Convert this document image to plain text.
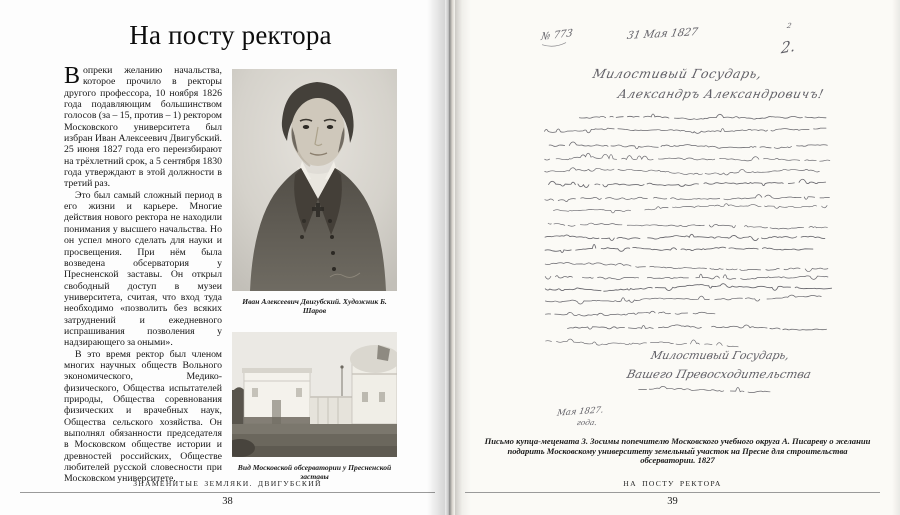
На посту ректора

Вопреки желанию начальства, которое прочило в ректоры другого профессора, 10 ноября 1826 года подавляющим большинством голосов (за – 15, против – 1) ректором Московского университета был избран Иван Алексеевич Двигубский. 25 июня 1827 года его переизбирают на трёхлетний срок, а 5 сентября 1830 года утверждают в этой должности в третий раз.

Это был самый сложный период в его жизни и карьере. Многие действия нового ректора не находили понимания у высшего начальства. Но он успел много сделать для науки и просвещения. При нём была возведена обсерватория у Пресненской заставы. Он открыл свободный доступ в музеи университета, считая, что вход туда необходимо «позволить без всяких затруднений и ежедневного испрашивания позволения у надзирающего за оными».

В это время ректор был членом многих научных обществ Вольного экономического, Медико-физического, Общества испытателей природы, Общества соревнования физических и врачебных наук, Общества сельского хозяйства. Он выполнял обязанности председателя в Московском обществе истории и древностей российских, Обществе любителей русской словесности при Московском университете.

Иван Алексеевич Двигубский. Художник Б. Шаров
Вид Московской обсерватории у Пресненской заставы
ЗНАМЕНИТЫЕ ЗЕМЛЯКИ. ДВИГУБСКИЙ
38
№ 773	31 Мая 1827
2
2.
Милостивый Государь,
Александръ Александровичъ!
Милостивый Государь,
Вашего Превосходительства
Мая 1827.
года.

Письмо купца-мецената З. Зосимы попечителю Московского учебного округа А. Писареву о желании подарить Московскому университету земельный участок на Пресне для строительства обсерватории. 1827

НА ПОСТУ РЕКТОРА
39
